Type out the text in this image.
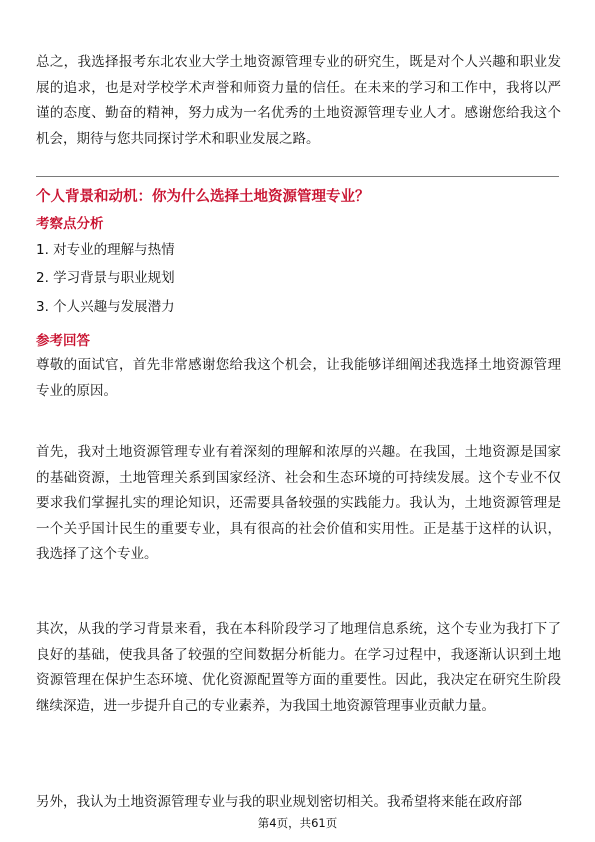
总之，我选择报考东北农业大学土地资源管理专业的研究生，既是对个人兴趣和职业发展的追求，也是对学校学术声誉和师资力量的信任。在未来的学习和工作中，我将以严谨的态度、勤奋的精神，努力成为一名优秀的土地资源管理专业人才。感谢您给我这个机会，期待与您共同探讨学术和职业发展之路。

个人背景和动机：你为什么选择土地资源管理专业？

考察点分析

1. 对专业的理解与热情

2. 学习背景与职业规划

3. 个人兴趣与发展潜力

参考回答

尊敬的面试官，首先非常感谢您给我这个机会，让我能够详细阐述我选择土地资源管理专业的原因。

首先，我对土地资源管理专业有着深刻的理解和浓厚的兴趣。在我国，土地资源是国家的基础资源，土地管理关系到国家经济、社会和生态环境的可持续发展。这个专业不仅要求我们掌握扎实的理论知识，还需要具备较强的实践能力。我认为，土地资源管理是一个关乎国计民生的重要专业，具有很高的社会价值和实用性。正是基于这样的认识，我选择了这个专业。

其次，从我的学习背景来看，我在本科阶段学习了地理信息系统，这个专业为我打下了良好的基础，使我具备了较强的空间数据分析能力。在学习过程中，我逐渐认识到土地资源管理在保护生态环境、优化资源配置等方面的重要性。因此，我决定在研究生阶段继续深造，进一步提升自己的专业素养，为我国土地资源管理事业贡献力量。

另外，我认为土地资源管理专业与我的职业规划密切相关。我希望将来能在政府部

第4页，共61页
